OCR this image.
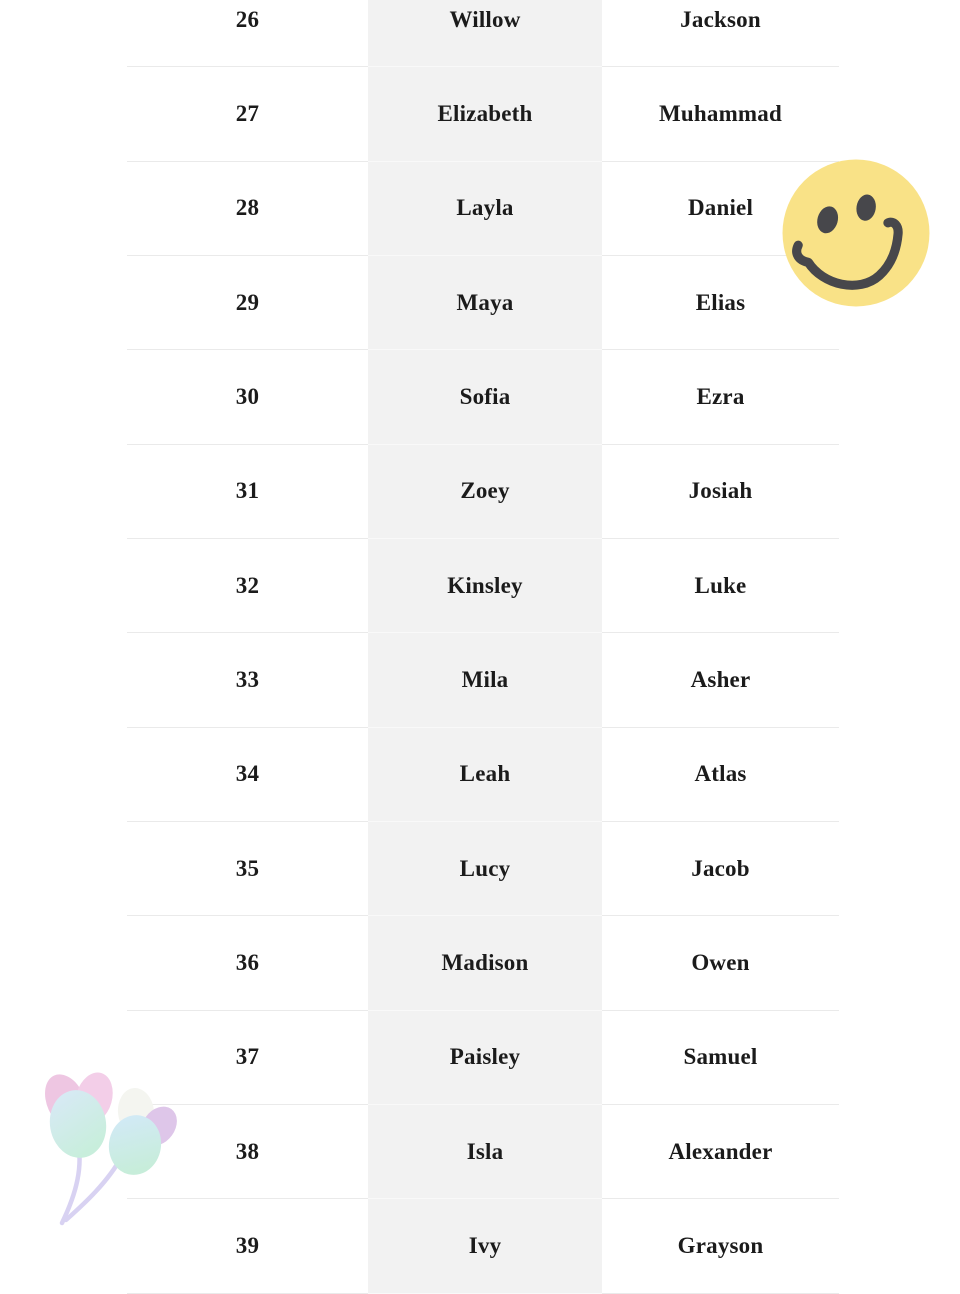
26	Willow	Jackson
27	Elizabeth	Muhammad
28	Layla	Daniel
29	Maya	Elias
30	Sofia	Ezra
31	Zoey	Josiah
32	Kinsley	Luke
33	Mila	Asher
34	Leah	Atlas
35	Lucy	Jacob
36	Madison	Owen
37	Paisley	Samuel
38	Isla	Alexander
39	Ivy	Grayson
